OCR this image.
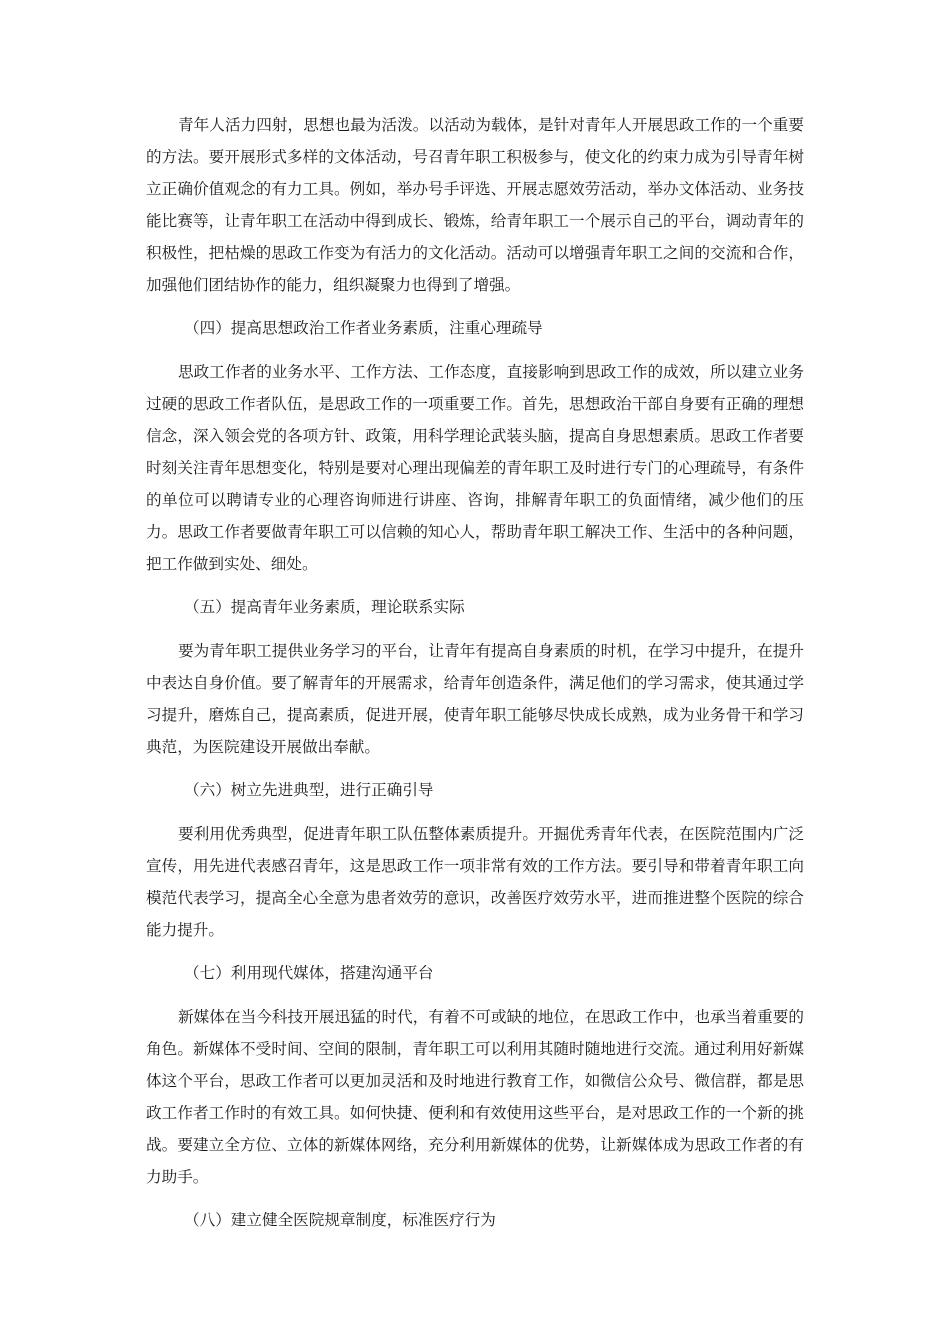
青年人活力四射，思想也最为活泼。以活动为载体，是针对青年人开展思政工作的一个重要的方法。要开展形式多样的文体活动，号召青年职工积极参与，使文化的约束力成为引导青年树立正确价值观念的有力工具。例如，举办号手评选、开展志愿效劳活动，举办文体活动、业务技能比赛等，让青年职工在活动中得到成长、锻炼，给青年职工一个展示自己的平台，调动青年的积极性，把枯燥的思政工作变为有活力的文化活动。活动可以增强青年职工之间的交流和合作，加强他们团结协作的能力，组织凝聚力也得到了增强。

（四）提高思想政治工作者业务素质，注重心理疏导

思政工作者的业务水平、工作方法、工作态度，直接影响到思政工作的成效，所以建立业务过硬的思政工作者队伍，是思政工作的一项重要工作。首先，思想政治干部自身要有正确的理想信念，深入领会党的各项方针、政策，用科学理论武装头脑，提高自身思想素质。思政工作者要时刻关注青年思想变化，特别是要对心理出现偏差的青年职工及时进行专门的心理疏导，有条件的单位可以聘请专业的心理咨询师进行讲座、咨询，排解青年职工的负面情绪，减少他们的压力。思政工作者要做青年职工可以信赖的知心人，帮助青年职工解决工作、生活中的各种问题，把工作做到实处、细处。

（五）提高青年业务素质，理论联系实际

要为青年职工提供业务学习的平台，让青年有提高自身素质的时机，在学习中提升，在提升中表达自身价值。要了解青年的开展需求，给青年创造条件，满足他们的学习需求，使其通过学习提升，磨炼自己，提高素质，促进开展，使青年职工能够尽快成长成熟，成为业务骨干和学习典范，为医院建设开展做出奉献。

（六）树立先进典型，进行正确引导

要利用优秀典型，促进青年职工队伍整体素质提升。开掘优秀青年代表，在医院范围内广泛宣传，用先进代表感召青年，这是思政工作一项非常有效的工作方法。要引导和带着青年职工向模范代表学习，提高全心全意为患者效劳的意识，改善医疗效劳水平，进而推进整个医院的综合能力提升。

（七）利用现代媒体，搭建沟通平台

新媒体在当今科技开展迅猛的时代，有着不可或缺的地位，在思政工作中，也承当着重要的角色。新媒体不受时间、空间的限制，青年职工可以利用其随时随地进行交流。通过利用好新媒体这个平台，思政工作者可以更加灵活和及时地进行教育工作，如微信公众号、微信群，都是思政工作者工作时的有效工具。如何快捷、便利和有效使用这些平台，是对思政工作的一个新的挑战。要建立全方位、立体的新媒体网络，充分利用新媒体的优势，让新媒体成为思政工作者的有力助手。

（八）建立健全医院规章制度，标准医疗行为
